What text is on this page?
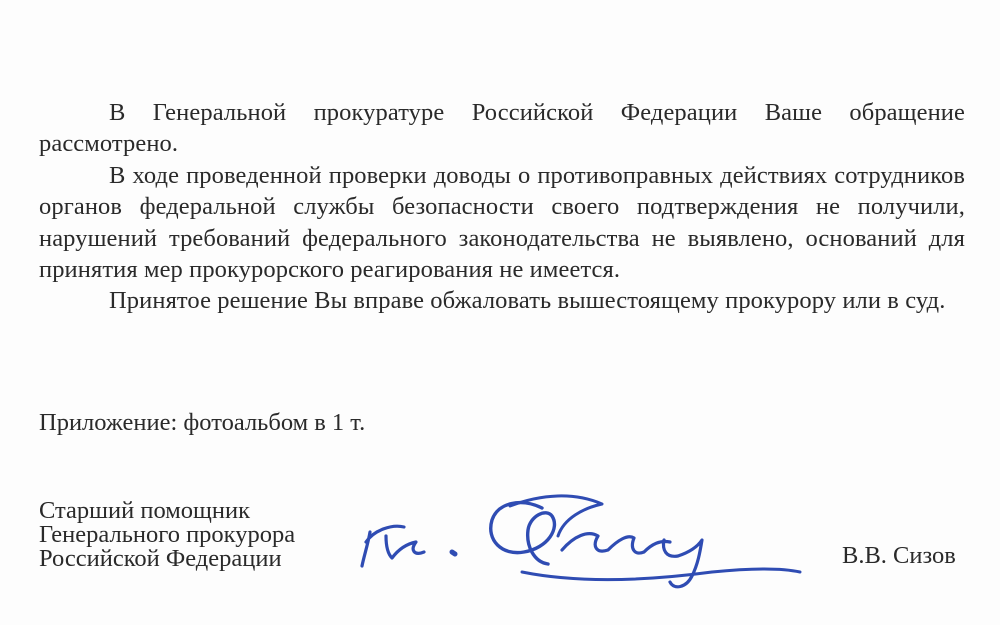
В Генеральной прокуратуре Российской Федерации Ваше обращение рассмотрено.

В ходе проведенной проверки доводы о противоправных действиях сотрудников органов федеральной службы безопасности своего подтверждения не получили, нарушений требований федерального законодательства не выявлено, оснований для принятия мер прокурорского реагирования не имеется.

Принятое решение Вы вправе обжаловать вышестоящему прокурору или в суд.

Приложение: фотоальбом в 1 т.
Старший помощник
Генерального прокурора
Российской Федерации	В.В. Сизов
